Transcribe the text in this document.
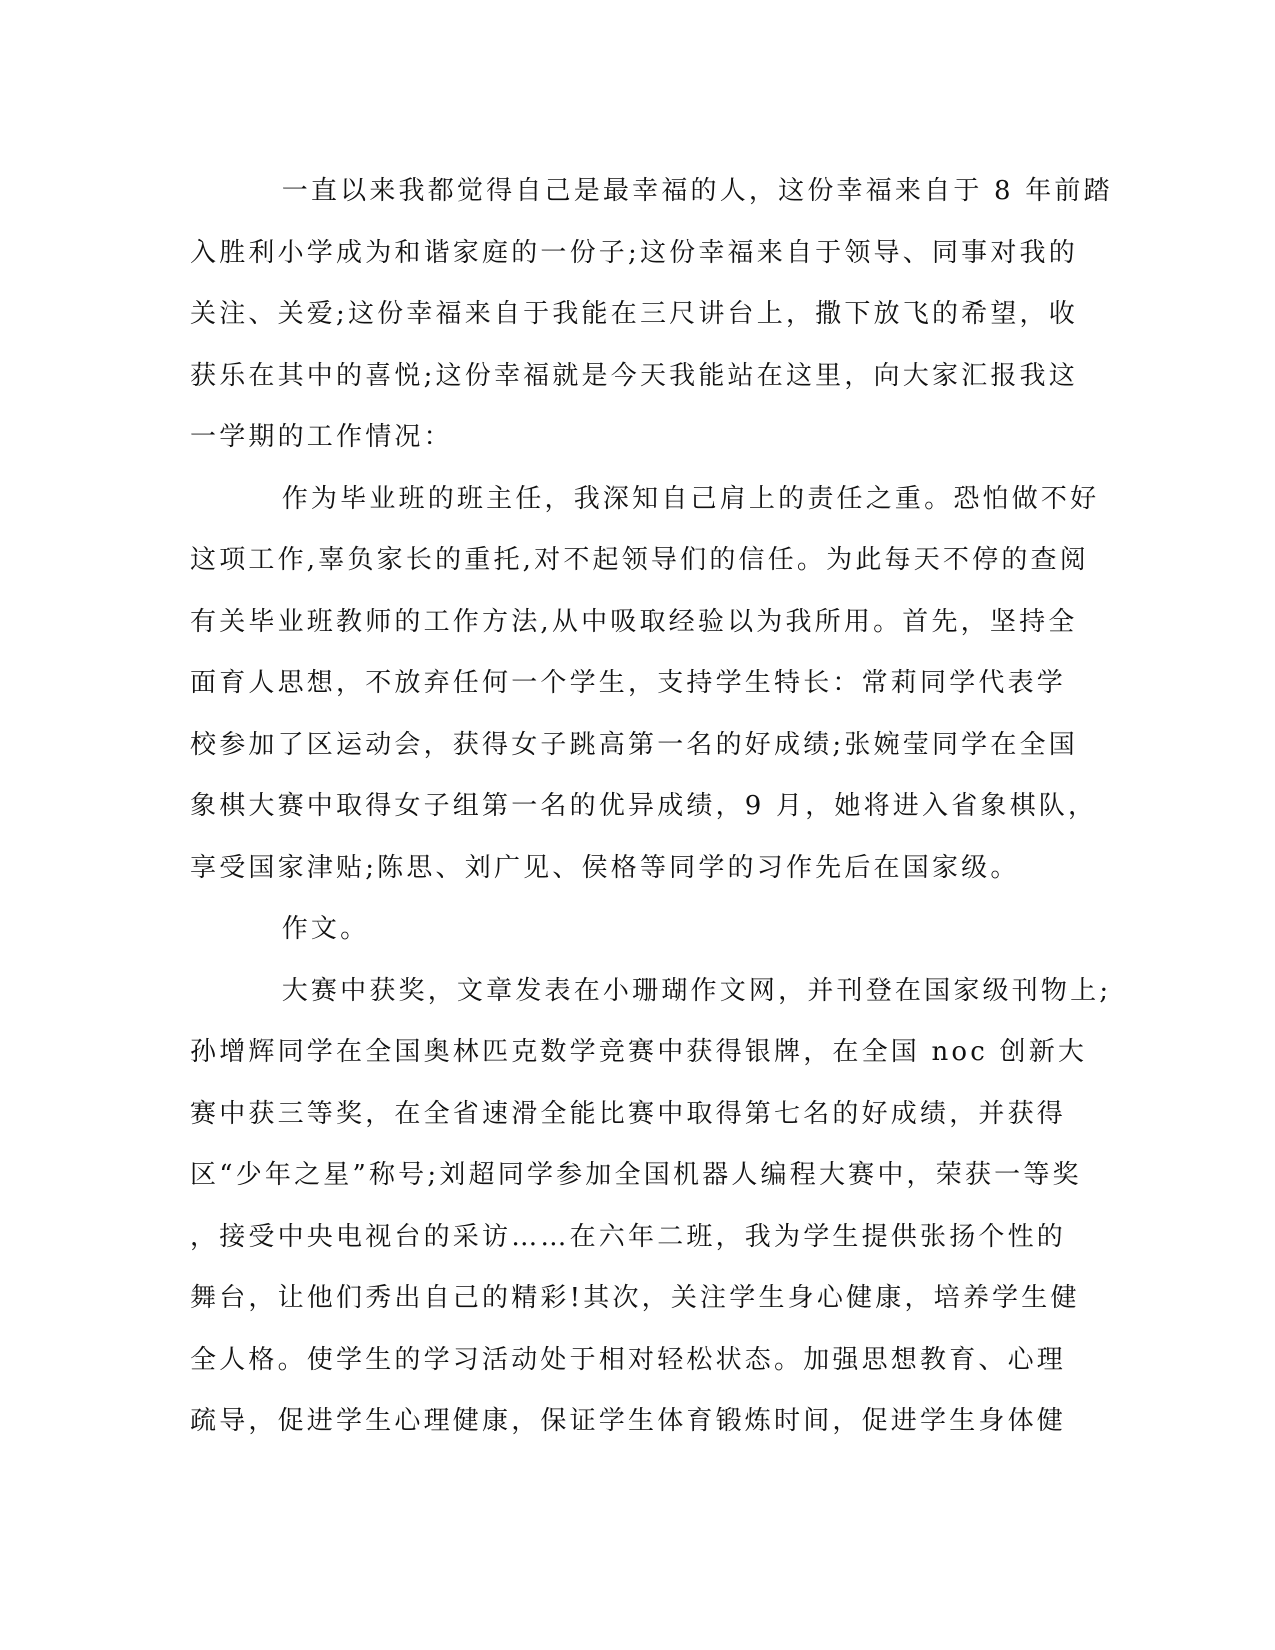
一直以来我都觉得自己是最幸福的人，这份幸福来自于 8 年前踏
入胜利小学成为和谐家庭的一份子;这份幸福来自于领导、同事对我的
关注、关爱;这份幸福来自于我能在三尺讲台上，撒下放飞的希望，收
获乐在其中的喜悦;这份幸福就是今天我能站在这里，向大家汇报我这
一学期的工作情况：
作为毕业班的班主任，我深知自己肩上的责任之重。恐怕做不好
这项工作,辜负家长的重托,对不起领导们的信任。为此每天不停的查阅
有关毕业班教师的工作方法,从中吸取经验以为我所用。首先，坚持全
面育人思想，不放弃任何一个学生，支持学生特长：常莉同学代表学
校参加了区运动会，获得女子跳高第一名的好成绩;张婉莹同学在全国
象棋大赛中取得女子组第一名的优异成绩，9 月，她将进入省象棋队，
享受国家津贴;陈思、刘广见、侯格等同学的习作先后在国家级。
作文。
大赛中获奖，文章发表在小珊瑚作文网，并刊登在国家级刊物上;
孙增辉同学在全国奥林匹克数学竞赛中获得银牌，在全国 noc 创新大
赛中获三等奖，在全省速滑全能比赛中取得第七名的好成绩，并获得
区“少年之星”称号;刘超同学参加全国机器人编程大赛中，荣获一等奖
，接受中央电视台的采访……在六年二班，我为学生提供张扬个性的
舞台，让他们秀出自己的精彩!其次，关注学生身心健康，培养学生健
全人格。使学生的学习活动处于相对轻松状态。加强思想教育、心理
疏导，促进学生心理健康，保证学生体育锻炼时间，促进学生身体健
